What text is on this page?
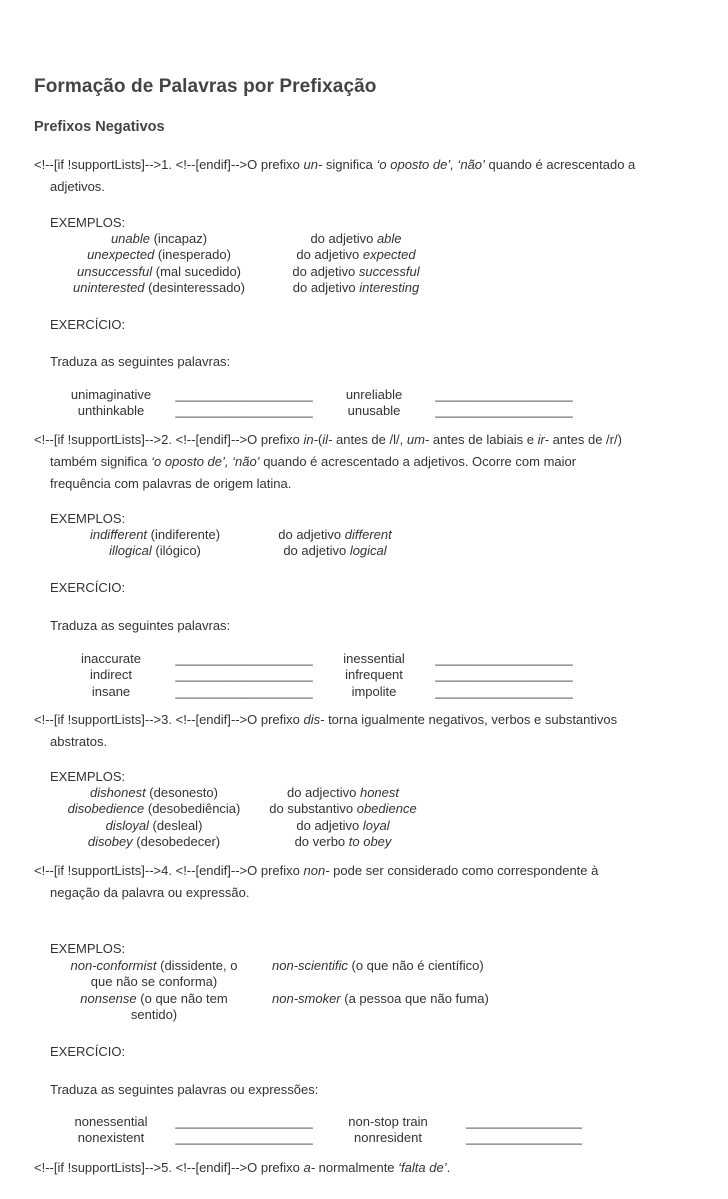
Formação de Palavras por Prefixação
Prefixos Negativos
<!--[if !supportLists]-->1. <!--[endif]-->O prefixo un- significa ‘o oposto de’, ‘não’ quando é acrescentado a
adjetivos.
EXEMPLOS:
unable (incapaz)	do adjetivo able
unexpected (inesperado)	do adjetivo expected
unsuccessful (mal sucedido)	do adjetivo successful
uninterested (desinteressado)	do adjetivo interesting
EXERCÍCIO:
Traduza as seguintes palavras:
unimaginative	___________________	unreliable	___________________
unthinkable	___________________	unusable	___________________
<!--[if !supportLists]-->2. <!--[endif]-->O prefixo in-(il- antes de /l/, um- antes de labiais e ir- antes de /r/)
também significa ‘o oposto de’, ‘não’ quando é acrescentado a adjetivos. Ocorre com maior
frequência com palavras de origem latina.
EXEMPLOS:
indifferent (indiferente)	do adjetivo different
illogical (ilógico)	do adjetivo logical
EXERCÍCIO:
Traduza as seguintes palavras:
inaccurate	___________________	inessential	___________________
indirect	___________________	infrequent	___________________
insane	___________________	impolite	___________________
<!--[if !supportLists]-->3. <!--[endif]-->O prefixo dis- torna igualmente negativos, verbos e substantivos
abstratos.
EXEMPLOS:
dishonest (desonesto)	do adjectivo honest
disobedience (desobediência)	do substantivo obedience
disloyal (desleal)	do adjetivo loyal
disobey (desobedecer)	do verbo to obey
<!--[if !supportLists]-->4. <!--[endif]-->O prefixo non- pode ser considerado como correspondente à
negação da palavra ou expressão.
EXEMPLOS:
non-conformist (dissidente, o
que não se conforma)	non-scientific (o que não é científico)
nonsense (o que não tem
sentido)	non-smoker (a pessoa que não fuma)
EXERCÍCIO:
Traduza as seguintes palavras ou expressões:
nonessential	___________________	non-stop train	________________
nonexistent	___________________	nonresident	________________
<!--[if !supportLists]-->5. <!--[endif]-->O prefixo a- normalmente ‘falta de’.
